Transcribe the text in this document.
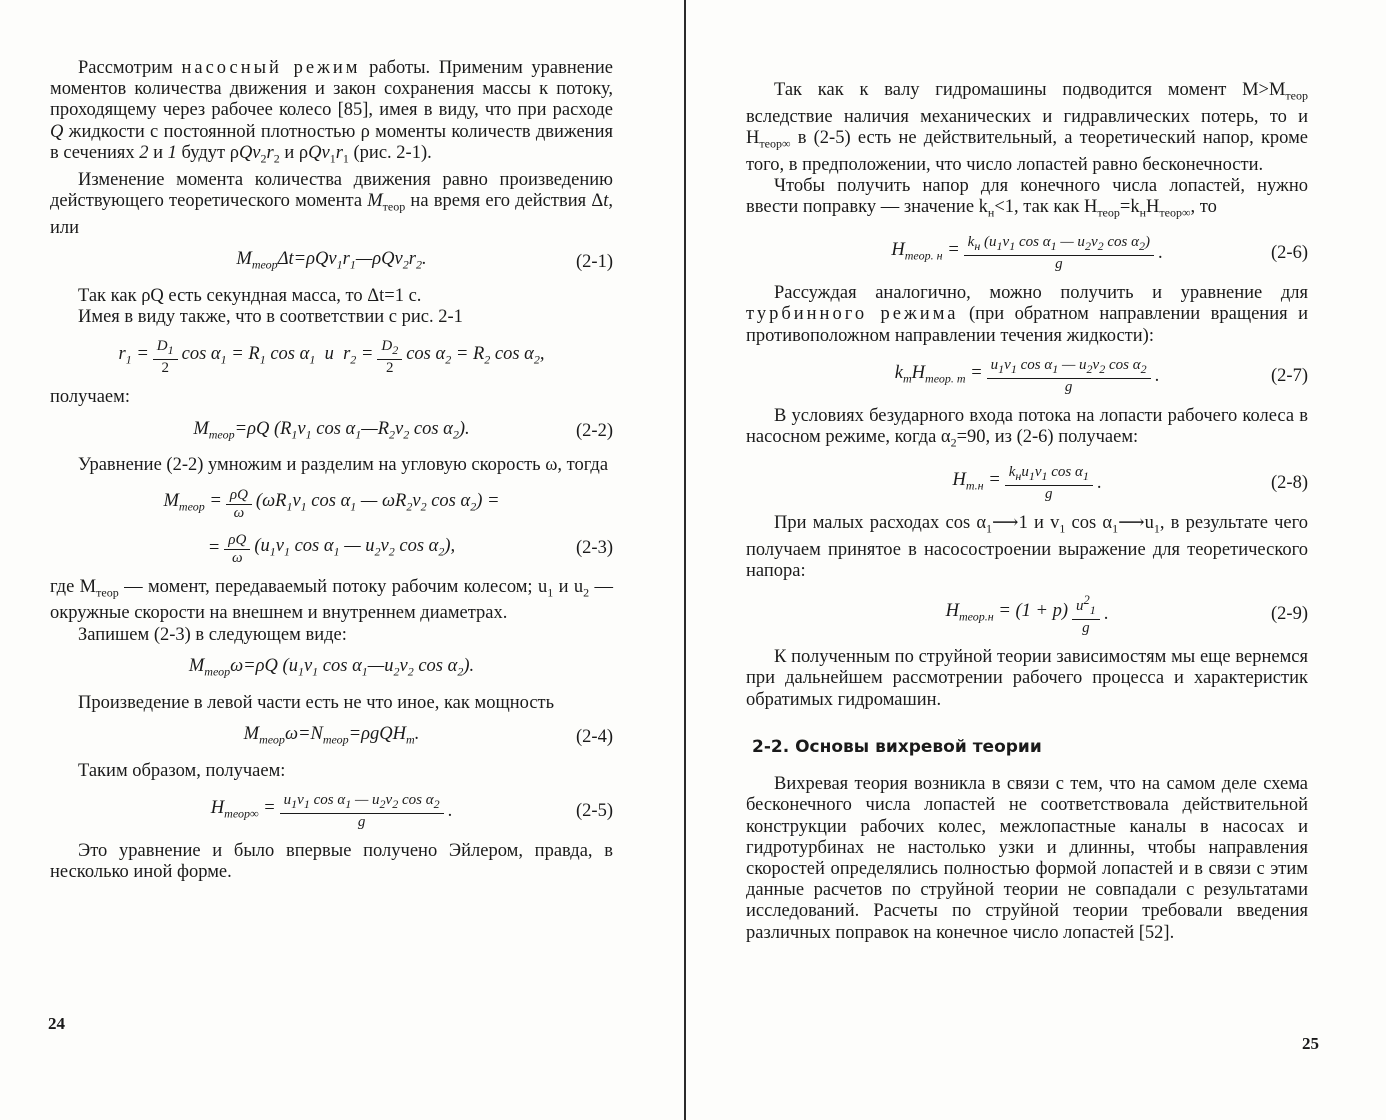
Рассмотрим насосный режим работы. Применим уравнение моментов количества движения и закон сохранения массы к потоку, проходящему через рабочее колесо [85], имея в виду, что при расходе Q жидкости с постоянной плотностью ρ моменты количеств движения в сечениях 2 и 1 будут $\rho Qv_2r_2$ и $\rho Qv_1r_1$ (рис. 2-1).

Изменение момента количества движения равно произведению действующего теоретического момента $M_{теор}$ на время его действия Δt, или

$M_{теор}\Delta t=\rho Qv_1r_1—\rho Qv_2r_2$.	(2-1)

Так как ρQ есть секундная масса, то Δt=1 с.

Имея в виду также, что в соответствии с рис. 2-1

$r_1 = \frac{D_1}{2}$ $\cos \alpha_1 = R_1$ $\cos \alpha_1$  и  $r_2 = \frac{D_2}{2}$ $\cos \alpha_2 = R_2$ $\cos \alpha_2$,

получаем:

$M_{теор}=\rho Q$ ($R_1v_1$ $\cos \alpha_1—R_2v_2$ $\cos \alpha_2$).	(2-2)

Уравнение (2-2) умножим и разделим на угловую скорость ω, тогда

$M_{теор} = \frac{\rho Q}{\omega} (\omega R_1v_1$ $\cos \alpha_1$ — $\omega R_2v_2$ $\cos \alpha_2$) =
= $\frac{\rho Q}{\omega} (u_1v_1$ $\cos \alpha_1$ — $u_2v_2$ $\cos \alpha_2$),	(2-3)

где $M_{теор}$ — момент, передаваемый потоку рабочим колесом; $u_1$ и $u_2$ — окружные скорости на внешнем и внутреннем диаметрах.

Запишем (2-3) в следующем виде:

$M_{теор}\omega=\rho Q$ ($u_1v_1$ $\cos \alpha_1—u_2v_2$ $\cos \alpha_2$).

Произведение в левой части есть не что иное, как мощность

$M_{теор}\omega=N_{теор}=\rho gQH_т$.	(2-4)

Таким образом, получаем:

$H_{теор\infty} = \frac{u_1v_1 \cos \alpha_1 — u_2v_2 \cos \alpha_2}{g}$ .	(2-5)

Это уравнение и было впервые получено Эйлером, правда, в несколько иной форме.

24

Так как к валу гидромашины подводится момент $M>M_{теор}$ вследствие наличия механических и гидравлических потерь, то и $H_{теор\infty}$ в (2-5) есть не действительный, а теоретический напор, кроме того, в предположении, что число лопастей равно бесконечности.

Чтобы получить напор для конечного числа лопастей, нужно ввести поправку — значение $k_н<1$, так как $H_{теор}=k_нH_{теор\infty}$, то

$H_{теор. н} = \frac{k_н (u_1v_1 \cos \alpha_1 — u_2v_2 \cos \alpha_2)}{g}$ .	(2-6)

Рассуждая аналогично, можно получить и уравнение для турбинного режима (при обратном направлении вращения и противоположном направлении течения жидкости):

$k_тH_{теор. т} = \frac{u_1v_1 \cos \alpha_1 — u_2v_2 \cos \alpha_2}{g}$ .	(2-7)

В условиях безударного входа потока на лопасти рабочего колеса в насосном режиме, когда $\alpha_2=90$, из (2-6) получаем:

$H_{т.н} = \frac{k_нu_1v_1 \cos \alpha_1}{g}$ .	(2-8)

При малых расходах $\cos \alpha_1⟶1$ и $v_1$ $\cos \alpha_1⟶u_1$, в результате чего получаем принятое в насосостроении выражение для теоретического напора:

$H_{теор.н} = (1 + p) \frac{u^2_1}{g}$ .	(2-9)

К полученным по струйной теории зависимостям мы еще вернемся при дальнейшем рассмотрении рабочего процесса и характеристик обратимых гидромашин.

2-2. Основы вихревой теории

Вихревая теория возникла в связи с тем, что на самом деле схема бесконечного числа лопастей не соответствовала действительной конструкции рабочих колес, межлопастные каналы в насосах и гидротурбинах не настолько узки и длинны, чтобы направления скоростей определялись полностью формой лопастей и в связи с этим данные расчетов по струйной теории не совпадали с результатами исследований. Расчеты по струйной теории требовали введения различных поправок на конечное число лопастей [52].

25
